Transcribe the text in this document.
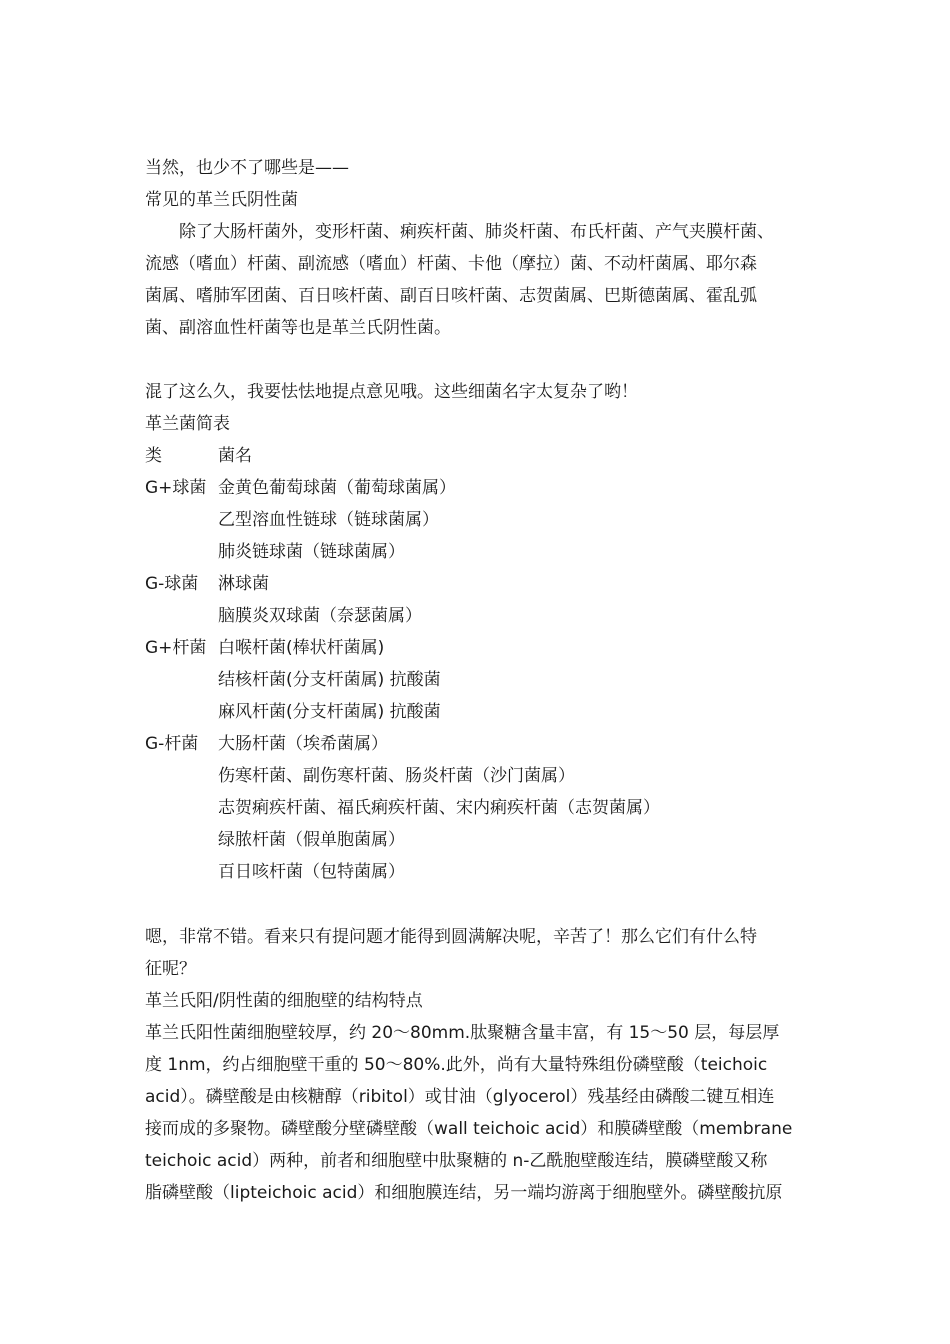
当然，也少不了哪些是——
常见的革兰氏阴性菌
除了大肠杆菌外，变形杆菌、痢疾杆菌、肺炎杆菌、布氏杆菌、产气夹膜杆菌、
流感（嗜血）杆菌、副流感（嗜血）杆菌、卡他（摩拉）菌、不动杆菌属、耶尔森
菌属、嗜肺军团菌、百日咳杆菌、副百日咳杆菌、志贺菌属、巴斯德菌属、霍乱弧
菌、副溶血性杆菌等也是革兰氏阴性菌。
混了这么久，我要怯怯地提点意见哦。这些细菌名字太复杂了哟！
革兰菌简表
类	菌名
G+球菌 金黄色葡萄球菌（葡萄球菌属）
乙型溶血性链球（链球菌属）
肺炎链球菌（链球菌属）
G-球菌 淋球菌
脑膜炎双球菌（奈瑟菌属）
G+杆菌 白喉杆菌(棒状杆菌属)
结核杆菌(分支杆菌属) 抗酸菌
麻风杆菌(分支杆菌属) 抗酸菌
G-杆菌 大肠杆菌（埃希菌属）
伤寒杆菌、副伤寒杆菌、肠炎杆菌（沙门菌属）
志贺痢疾杆菌、福氏痢疾杆菌、宋内痢疾杆菌（志贺菌属）
绿脓杆菌（假单胞菌属）
百日咳杆菌（包特菌属）
嗯，非常不错。看来只有提问题才能得到圆满解决呢，辛苦了！那么它们有什么特
征呢？
革兰氏阳/阴性菌的细胞壁的结构特点
革兰氏阳性菌细胞壁较厚，约 20～80mm.肽聚糖含量丰富，有 15～50 层，每层厚
度 1nm，约占细胞壁干重的 50～80%.此外，尚有大量特殊组份磷壁酸（teichoic
acid）。磷壁酸是由核糖醇（ribitol）或甘油（glyocerol）残基经由磷酸二键互相连
接而成的多聚物。磷壁酸分壁磷壁酸（wall teichoic acid）和膜磷壁酸（membrane
teichoic acid）两种，前者和细胞壁中肽聚糖的 n-乙酰胞壁酸连结，膜磷壁酸又称
脂磷壁酸（lipteichoic acid）和细胞膜连结，另一端均游离于细胞壁外。磷壁酸抗原
